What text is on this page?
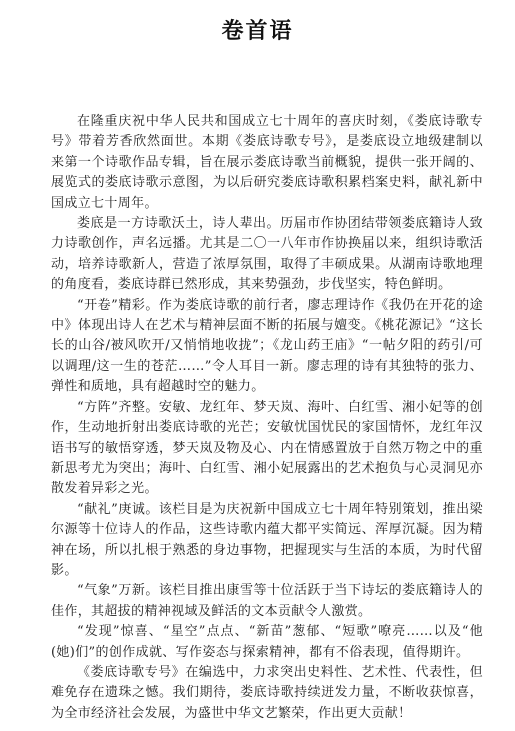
卷首语

在隆重庆祝中华人民共和国成立七十周年的喜庆时刻，《娄底诗歌专号》带着芳香欣然面世。本期《娄底诗歌专号》，是娄底设立地级建制以来第一个诗歌作品专辑，旨在展示娄底诗歌当前概貌，提供一张开阔的、展览式的娄底诗歌示意图，为以后研究娄底诗歌积累档案史料，献礼新中国成立七十周年。

娄底是一方诗歌沃土，诗人辈出。历届市作协团结带领娄底籍诗人致力诗歌创作，声名远播。尤其是二〇一八年市作协换届以来，组织诗歌活动，培养诗歌新人，营造了浓厚氛围，取得了丰硕成果。从湖南诗歌地理的角度看，娄底诗群已然形成，其来势强劲，步伐坚实，特色鲜明。

“开卷”精彩。作为娄底诗歌的前行者，廖志理诗作《我仍在开花的途中》体现出诗人在艺术与精神层面不断的拓展与嬗变。《桃花源记》“这长长的山谷/被风吹开/又悄悄地收拢”；《龙山药王庙》“一帖夕阳的药引/可以调理/这一生的苍茫……”令人耳目一新。廖志理的诗有其独特的张力、弹性和质地，具有超越时空的魅力。

“方阵”齐整。安敏、龙红年、梦天岚、海叶、白红雪、湘小妃等的创作，生动地折射出娄底诗歌的光芒；安敏忧国忧民的家国情怀，龙红年汉语书写的敏悟穿透，梦天岚及物及心、内在情感置放于自然万物之中的重新思考尤为突出；海叶、白红雪、湘小妃展露出的艺术抱负与心灵洞见亦散发着异彩之光。

“献礼”庚诚。该栏目是为庆祝新中国成立七十周年特别策划，推出梁尔源等十位诗人的作品，这些诗歌内蕴大都平实简远、浑厚沉凝。因为精神在场，所以扎根于熟悉的身边事物，把握现实与生活的本质，为时代留影。

“气象”万新。该栏目推出康雪等十位活跃于当下诗坛的娄底籍诗人的佳作，其超拔的精神视域及鲜活的文本贡献令人激赏。

“发现”惊喜、“星空”点点、“新苗”葱郁、“短歌”嘹亮……以及“他(她)们”的创作成就、写作姿态与探索精神，都有不俗表现，值得期许。

《娄底诗歌专号》在编选中，力求突出史料性、艺术性、代表性，但难免存在遗珠之憾。我们期待，娄底诗歌持续迸发力量，不断收获惊喜，为全市经济社会发展，为盛世中华文艺繁荣，作出更大贡献！
